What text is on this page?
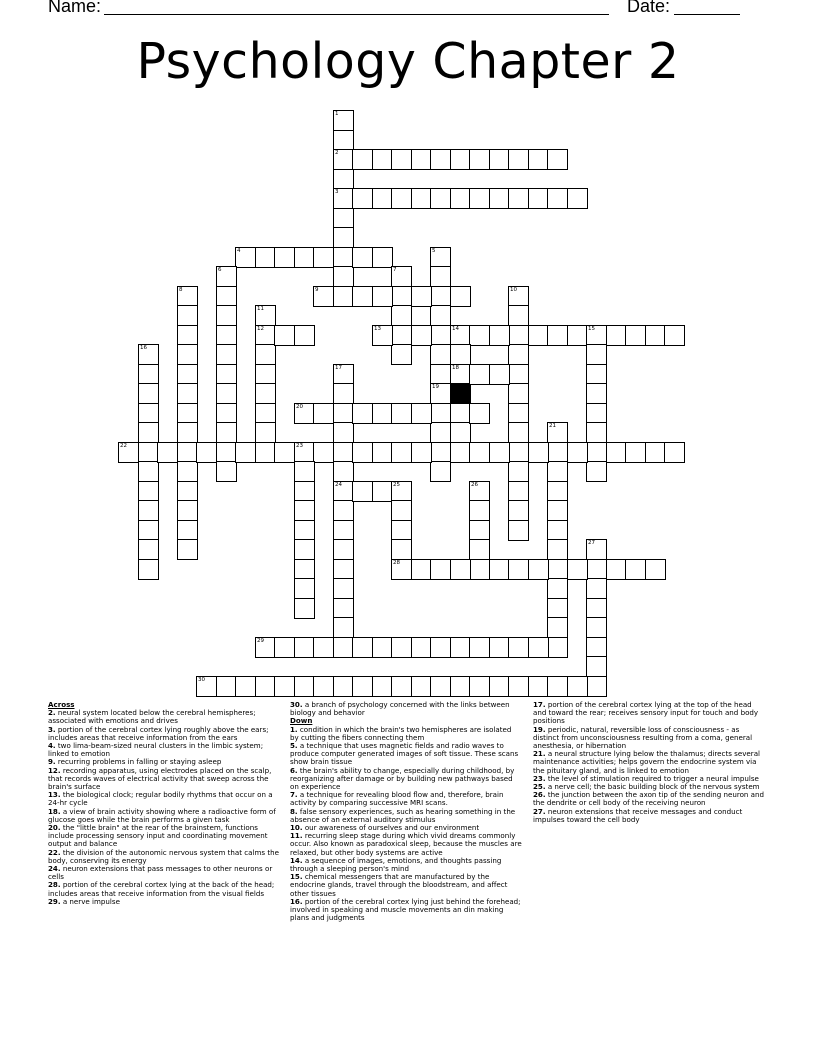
Name:	Date:
Psychology Chapter 2
1
2
3
4	5
19
6	7
8	9	10
11
12	13	14	15
18
16
17
24
20
21
22	23
25
28
26
27
29
30
Across
2. neural system located below the cerebral hemispheres; associated with emotions and drives
3. portion of the cerebral cortex lying roughly above the ears; includes areas that receive information from the ears
4. two lima-beam-sized neural clusters in the limbic system; linked to emotion
9. recurring problems in falling or staying asleep
12. recording apparatus, using electrodes placed on the scalp, that records waves of electrical activity that sweep across the brain's surface
13. the biological clock; regular bodily rhythms that occur on a 24-hr cycle
18. a view of brain activity showing where a radioactive form of glucose goes while the brain performs a given task
20. the "little brain" at the rear of the brainstem, functions include processing sensory input and coordinating movement output and balance
22. the division of the autonomic nervous system that calms the body, conserving its energy
24. neuron extensions that pass messages to other neurons or cells
28. portion of the cerebral cortex lying at the back of the head; includes areas that receive information from the visual fields
29. a nerve impulse
30. a branch of psychology concerned with the links between biology and behavior
Down
1. condition in which the brain's two hemispheres are isolated by cutting the fibers connecting them
5. a technique that uses magnetic fields and radio waves to produce computer generated images of soft tissue. These scans show brain tissue
6. the brain's ability to change, especially during childhood, by reorganizing after damage or by building new pathways based on experience
7. a technique for revealing blood flow and, therefore, brain activity by comparing successive MRI scans.
8. false sensory experiences, such as hearing something in the absence of an external auditory stimulus
10. our awareness of ourselves and our environment
11. recurring sleep stage during which vivid dreams commonly occur. Also known as paradoxical sleep, because the muscles are relaxed, but other body systems are active
14. a sequence of images, emotions, and thoughts passing through a sleeping person's mind
15. chemical messengers that are manufactured by the endocrine glands, travel through the bloodstream, and affect other tissues
16. portion of the cerebral cortex lying just behind the forehead; involved in speaking and muscle movements an din making plans and judgments
17. portion of the cerebral cortex lying at the top of the head and toward the rear; receives sensory input for touch and body positions
19. periodic, natural, reversible loss of consciousness - as distinct from unconsciousness resulting from a coma, general anesthesia, or hibernation
21. a neural structure lying below the thalamus; directs several maintenance activities; helps govern the endocrine system via the pituitary gland, and is linked to emotion
23. the level of stimulation required to trigger a neural impulse
25. a nerve cell; the basic building block of the nervous system
26. the junction between the axon tip of the sending neuron and the dendrite or cell body of the receiving neuron
27. neuron extensions that receive messages and conduct impulses toward the cell body
